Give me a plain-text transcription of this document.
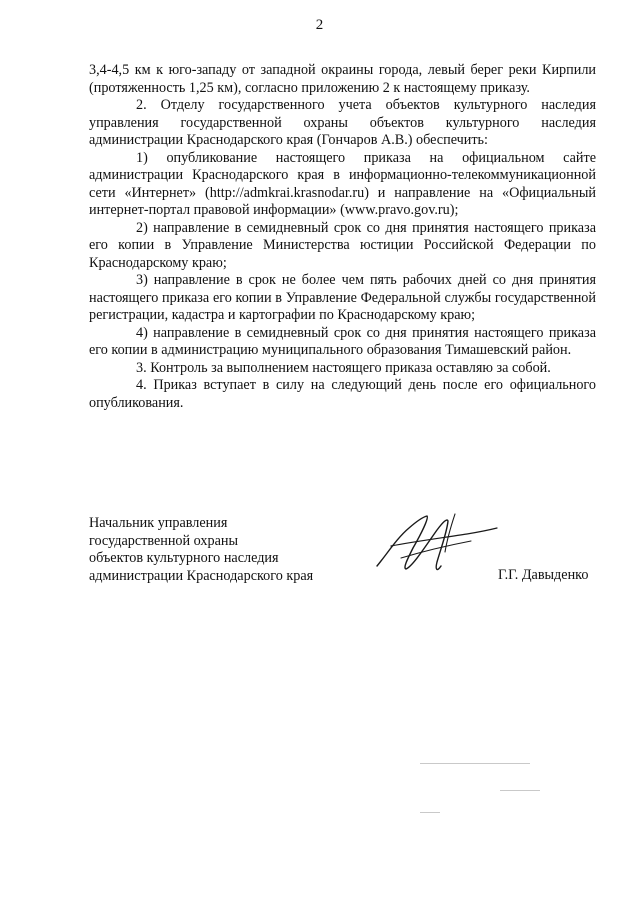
2

3,4-4,5 км к юго-западу от западной окраины города, левый берег реки Кирпили (протяженность 1,25 км), согласно приложению 2 к настоящему приказу.

2. Отделу государственного учета объектов культурного наследия управления государственной охраны объектов культурного наследия администрации Краснодарского края (Гончаров А.В.) обеспечить:

1) опубликование настоящего приказа на официальном сайте администрации Краснодарского края в информационно-телекоммуникационной сети «Интернет» (http://admkrai.krasnodar.ru) и направление на «Официальный интернет-портал правовой информации» (www.pravo.gov.ru);

2) направление в семидневный срок со дня принятия настоящего приказа его копии в Управление Министерства юстиции Российской Федерации по Краснодарскому краю;

3) направление в срок не более чем пять рабочих дней со дня принятия настоящего приказа его копии в Управление Федеральной службы государственной регистрации, кадастра и картографии по Краснодарскому краю;

4) направление в семидневный срок со дня принятия настоящего приказа его копии в администрацию муниципального образования Тимашевский район.

3. Контроль за выполнением настоящего приказа оставляю за собой.

4. Приказ вступает в силу на следующий день после его официального опубликования.

Начальник управления
государственной охраны
объектов культурного наследия
администрации Краснодарского края	Г.Г. Давыденко
